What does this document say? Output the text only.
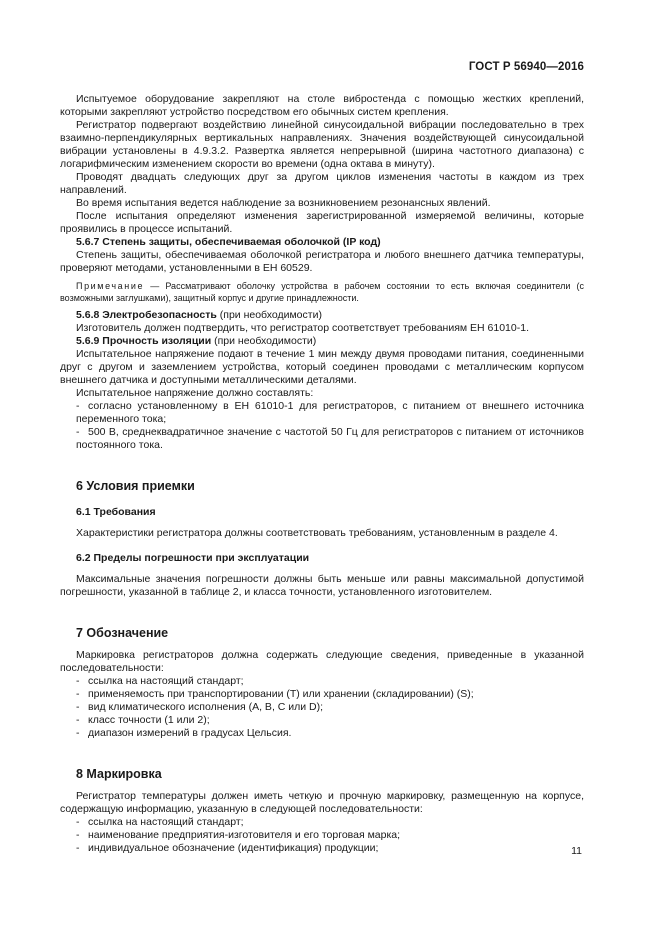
ГОСТ Р 56940—2016

Испытуемое оборудование закрепляют на столе вибростенда с помощью жестких креплений, которыми закрепляют устройство посредством его обычных систем крепления.

Регистратор подвергают воздействию линейной синусоидальной вибрации последовательно в трех взаимно-перпендикулярных вертикальных направлениях. Значения воздействующей синусоидальной вибрации установлены в 4.9.3.2. Развертка является непрерывной (ширина частотного диапазона) с логарифмическим изменением скорости во времени (одна октава в минуту).

Проводят двадцать следующих друг за другом циклов изменения частоты в каждом из трех направлений.

Во время испытания ведется наблюдение за возникновением резонансных явлений.

После испытания определяют изменения зарегистрированной измеряемой величины, которые проявились в процессе испытаний.

5.6.7 Степень защиты, обеспечиваемая оболочкой (IP код)

Степень защиты, обеспечиваемая оболочкой регистратора и любого внешнего датчика температуры, проверяют методами, установленными в ЕН 60529.

Примечание — Рассматривают оболочку устройства в рабочем состоянии то есть включая соединители (с возможными заглушками), защитный корпус и другие принадлежности.

5.6.8 Электробезопасность (при необходимости)

Изготовитель должен подтвердить, что регистратор соответствует требованиям ЕН 61010-1.

5.6.9 Прочность изоляции (при необходимости)

Испытательное напряжение подают в течение 1 мин между двумя проводами питания, соединенными друг с другом и заземлением устройства, который соединен проводами с металлическим корпусом внешнего датчика и доступными металлическими деталями.

Испытательное напряжение должно составлять:

- согласно установленному в ЕН 61010-1 для регистраторов, с питанием от внешнего источника переменного тока;

- 500 В, среднеквадратичное значение с частотой 50 Гц для регистраторов с питанием от источников постоянного тока.

6 Условия приемки
6.1 Требования

Характеристики регистратора должны соответствовать требованиям, установленным в разделе 4.

6.2 Пределы погрешности при эксплуатации

Максимальные значения погрешности должны быть меньше или равны максимальной допустимой погрешности, указанной в таблице 2, и класса точности, установленного изготовителем.

7 Обозначение

Маркировка регистраторов должна содержать следующие сведения, приведенные в указанной последовательности:

- ссылка на настоящий стандарт;

- применяемость при транспортировании (Т) или хранении (складировании) (S);

- вид климатического исполнения (А, В, С или D);

- класс точности (1 или 2);

- диапазон измерений в градусах Цельсия.

8 Маркировка

Регистратор температуры должен иметь четкую и прочную маркировку, размещенную на корпусе, содержащую информацию, указанную в следующей последовательности:

- ссылка на настоящий стандарт;

- наименование предприятия-изготовителя и его торговая марка;

- индивидуальное обозначение (идентификация) продукции;	11
